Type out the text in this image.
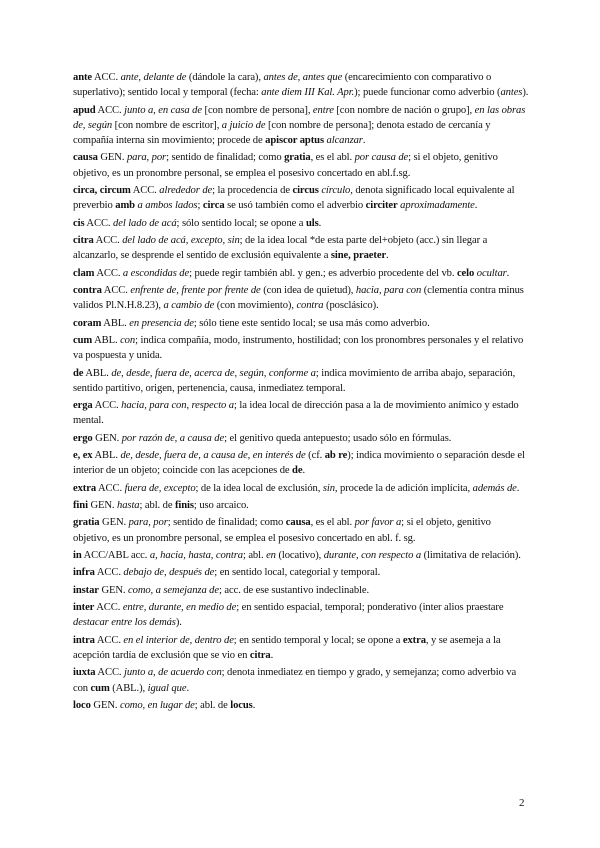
ante ACC. ante, delante de (dándole la cara), antes de, antes que (encarecimiento con comparativo o superlativo); sentido local y temporal (fecha: ante diem III Kal. Apr.); puede funcionar como adverbio (antes).

apud ACC. junto a, en casa de [con nombre de persona], entre [con nombre de nación o grupo], en las obras de, según [con nombre de escritor], a juicio de [con nombre de persona]; denota estado de cercanía y compañía interna sin movimiento; procede de apiscor aptus alcanzar.

causa GEN. para, por; sentido de finalidad; como gratia, es el abl. por causa de; si el objeto, genitivo objetivo, es un pronombre personal, se emplea el posesivo concertado en abl.f.sg.

circa, circum ACC. alrededor de; la procedencia de circus círculo, denota significado local equivalente al preverbio amb a ambos lados; circa se usó también como el adverbio circiter aproximadamente.

cis ACC. del lado de acá; sólo sentido local; se opone a uls.

citra ACC. del lado de acá, excepto, sin; de la idea local *de esta parte del+objeto (acc.) sin llegar a alcanzarlo, se desprende el sentido de exclusión equivalente a sine, praeter.

clam ACC. a escondidas de; puede regir también abl. y gen.; es adverbio procedente del vb. celo ocultar.

contra ACC. enfrente de, frente por frente de (con idea de quietud), hacia, para con (clementia contra minus validos Pl.N.H.8.23), a cambio de (con movimiento), contra (posclásico).

coram ABL. en presencia de; sólo tiene este sentido local; se usa más como adverbio.

cum ABL. con; indica compañía, modo, instrumento, hostilidad; con los pronombres personales y el relativo va pospuesta y unida.

de ABL. de, desde, fuera de, acerca de, según, conforme a; indica movimiento de arriba abajo, separación, sentido partitivo, origen, pertenencia, causa, inmediatez temporal.

erga ACC. hacia, para con, respecto a; la idea local de dirección pasa a la de movimiento anímico y estado mental.

ergo GEN. por razón de, a causa de; el genitivo queda antepuesto; usado sólo en fórmulas.

e, ex ABL. de, desde, fuera de, a causa de, en interés de (cf. ab re); indica movimiento o separación desde el interior de un objeto; coincide con las acepciones de de.

extra ACC. fuera de, excepto; de la idea local de exclusión, sin, procede la de adición implícita, además de.

fini GEN. hasta; abl. de finis; uso arcaico.

gratia GEN. para, por; sentido de finalidad; como causa, es el abl. por favor a; si el objeto, genitivo objetivo, es un pronombre personal, se emplea el posesivo concertado en abl. f. sg.

in ACC/ABL acc. a, hacia, hasta, contra; abl. en (locativo), durante, con respecto a (limitativa de relación).

infra ACC. debajo de, después de; en sentido local, categorial y temporal.

instar GEN. como, a semejanza de; acc. de ese sustantivo indeclinable.

inter ACC. entre, durante, en medio de; en sentido espacial, temporal; ponderativo (inter alios praestare destacar entre los demás).

intra ACC. en el interior de, dentro de; en sentido temporal y local; se opone a extra, y se asemeja a la acepción tardía de exclusión que se vio en citra.

iuxta ACC. junto a, de acuerdo con; denota inmediatez en tiempo y grado, y semejanza; como adverbio va con cum (ABL.), igual que.

loco GEN. como, en lugar de; abl. de locus.

2
